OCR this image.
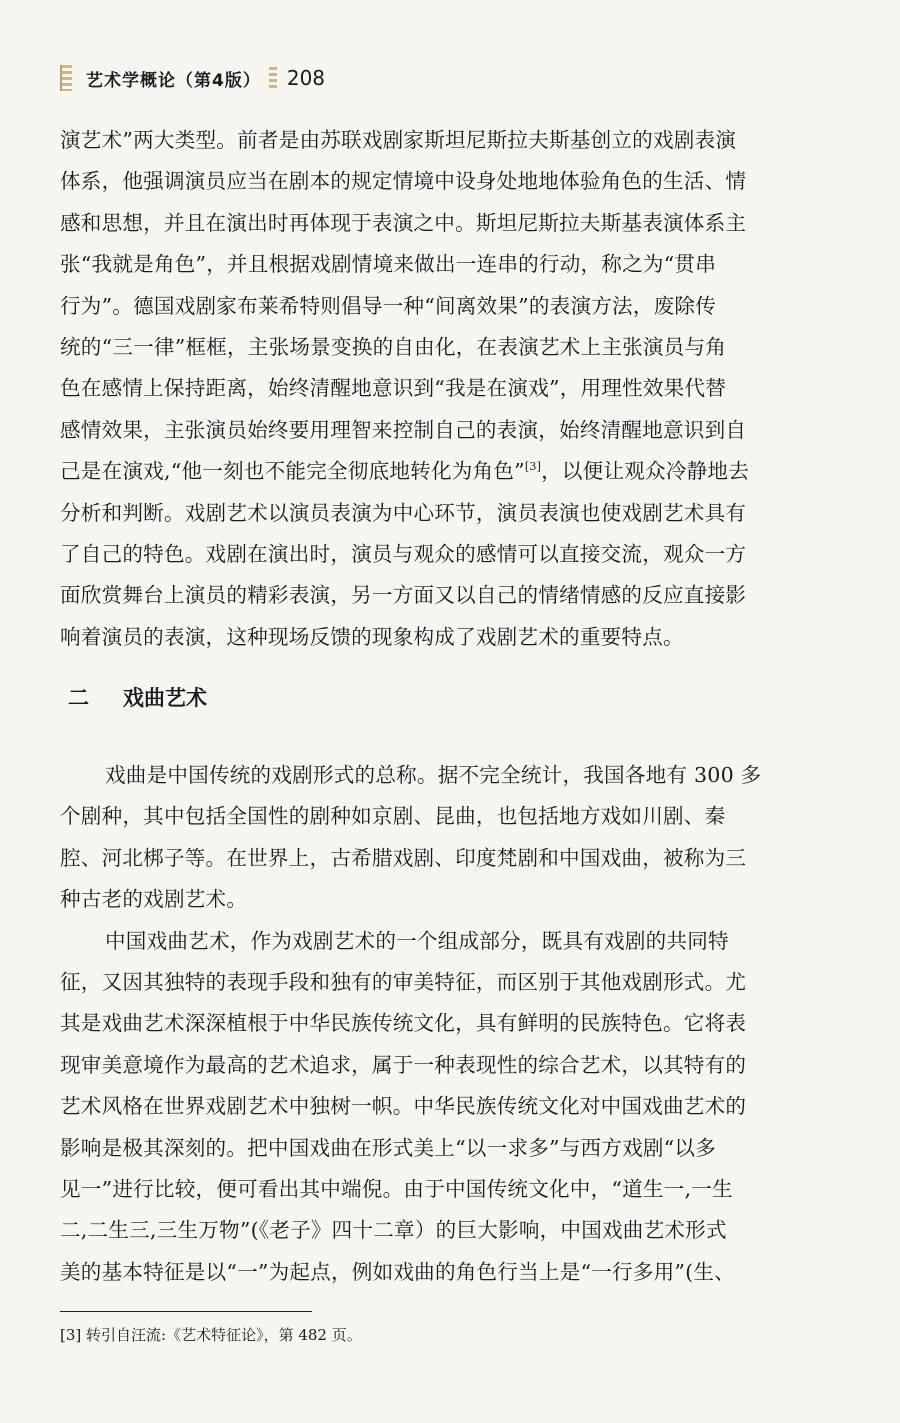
艺术学概论（第4版） 208
演艺术”两大类型。前者是由苏联戏剧家斯坦尼斯拉夫斯基创立的戏剧表演
体系，他强调演员应当在剧本的规定情境中设身处地地体验角色的生活、情
感和思想，并且在演出时再体现于表演之中。斯坦尼斯拉夫斯基表演体系主
张“我就是角色”，并且根据戏剧情境来做出一连串的行动，称之为“贯串
行为”。德国戏剧家布莱希特则倡导一种“间离效果”的表演方法，废除传
统的“三一律”框框，主张场景变换的自由化，在表演艺术上主张演员与角
色在感情上保持距离，始终清醒地意识到“我是在演戏”，用理性效果代替
感情效果，主张演员始终要用理智来控制自己的表演，始终清醒地意识到自
己是在演戏,“他一刻也不能完全彻底地转化为角色”[3]，以便让观众冷静地去
分析和判断。戏剧艺术以演员表演为中心环节，演员表演也使戏剧艺术具有
了自己的特色。戏剧在演出时，演员与观众的感情可以直接交流，观众一方
面欣赏舞台上演员的精彩表演，另一方面又以自己的情绪情感的反应直接影
响着演员的表演，这种现场反馈的现象构成了戏剧艺术的重要特点。
二 戏曲艺术
戏曲是中国传统的戏剧形式的总称。据不完全统计，我国各地有 300 多
个剧种，其中包括全国性的剧种如京剧、昆曲，也包括地方戏如川剧、秦
腔、河北梆子等。在世界上，古希腊戏剧、印度梵剧和中国戏曲，被称为三
种古老的戏剧艺术。
中国戏曲艺术，作为戏剧艺术的一个组成部分，既具有戏剧的共同特
征，又因其独特的表现手段和独有的审美特征，而区别于其他戏剧形式。尤
其是戏曲艺术深深植根于中华民族传统文化，具有鲜明的民族特色。它将表
现审美意境作为最高的艺术追求，属于一种表现性的综合艺术，以其特有的
艺术风格在世界戏剧艺术中独树一帜。中华民族传统文化对中国戏曲艺术的
影响是极其深刻的。把中国戏曲在形式美上“以一求多”与西方戏剧“以多
见一”进行比较，便可看出其中端倪。由于中国传统文化中，“道生一,一生
二,二生三,三生万物”(《老子》四十二章）的巨大影响，中国戏曲艺术形式
美的基本特征是以“一”为起点，例如戏曲的角色行当上是“一行多用”(生、
[3] 转引自汪流:《艺术特征论》，第 482 页。
